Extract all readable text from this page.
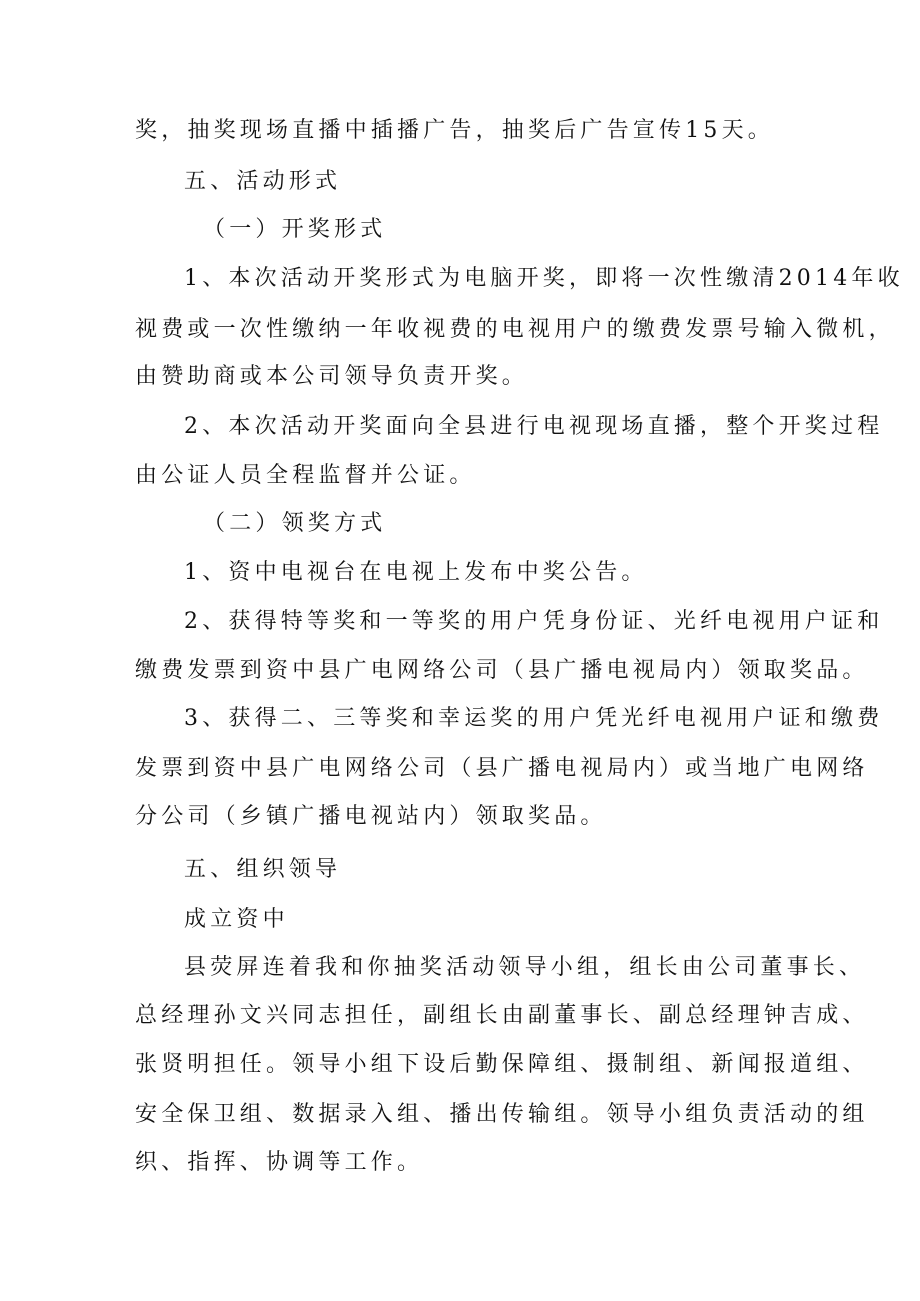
奖，抽奖现场直播中插播广告，抽奖后广告宣传15天。
五、活动形式
（一）开奖形式
1、本次活动开奖形式为电脑开奖，即将一次性缴清2014年收
视费或一次性缴纳一年收视费的电视用户的缴费发票号输入微机，
由赞助商或本公司领导负责开奖。
2、本次活动开奖面向全县进行电视现场直播，整个开奖过程
由公证人员全程监督并公证。
（二）领奖方式
1、资中电视台在电视上发布中奖公告。
2、获得特等奖和一等奖的用户凭身份证、光纤电视用户证和
缴费发票到资中县广电网络公司（县广播电视局内）领取奖品。
3、获得二、三等奖和幸运奖的用户凭光纤电视用户证和缴费
发票到资中县广电网络公司（县广播电视局内）或当地广电网络
分公司（乡镇广播电视站内）领取奖品。
五、组织领导
成立资中
县荧屏连着我和你抽奖活动领导小组，组长由公司董事长、
总经理孙文兴同志担任，副组长由副董事长、副总经理钟吉成、
张贤明担任。领导小组下设后勤保障组、摄制组、新闻报道组、
安全保卫组、数据录入组、播出传输组。领导小组负责活动的组
织、指挥、协调等工作。
